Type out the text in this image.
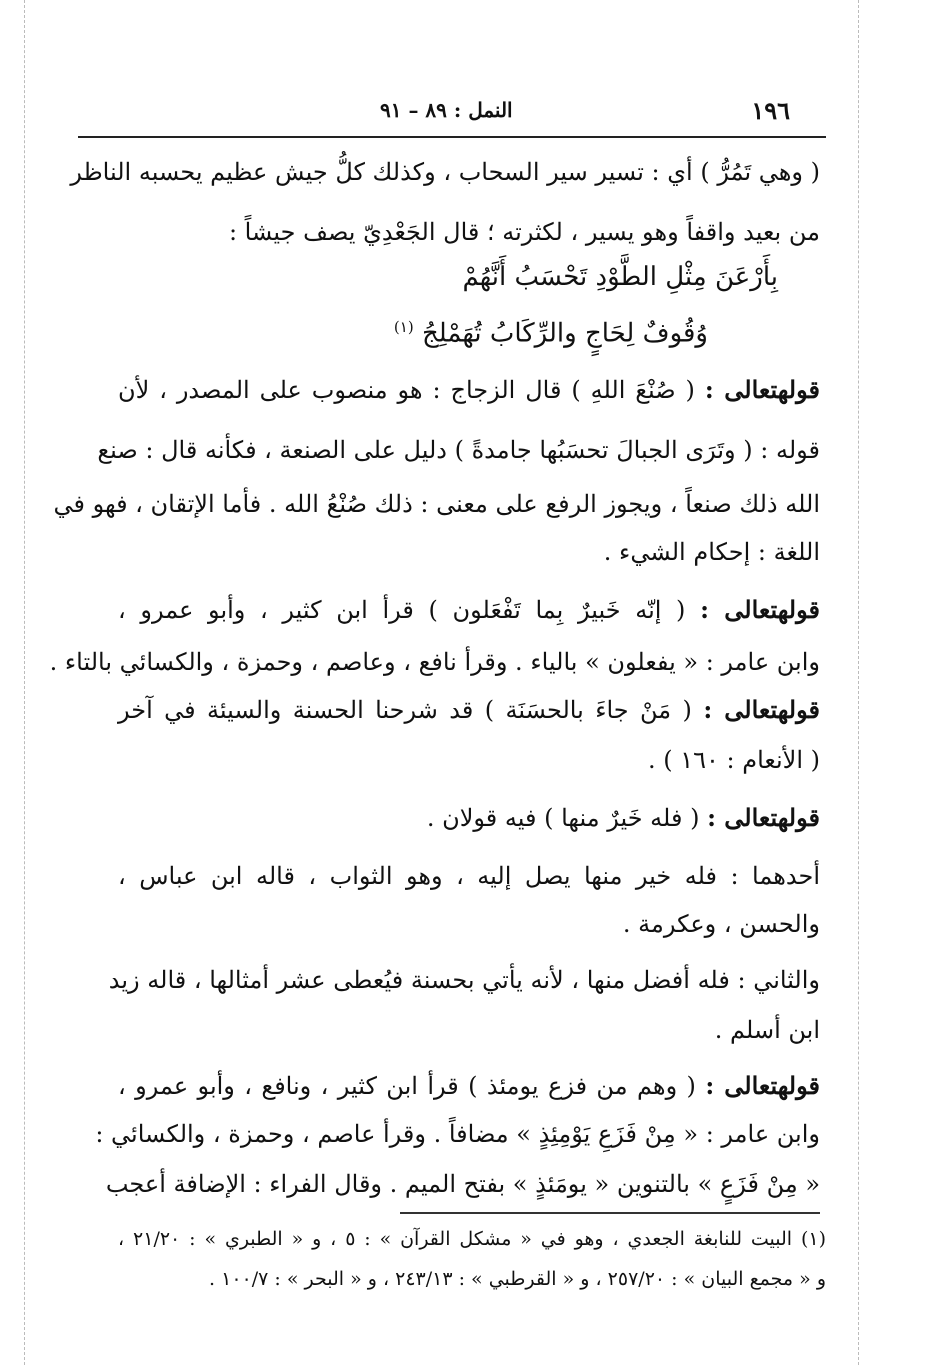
١٩٦
النمل : ٨٩ – ٩١
( وهي تَمُرُّ ) أي : تسير سير السحاب ، وكذلك كلُّ جيش عظيم يحسبه الناظر
من بعيد واقفاً وهو يسير ، لكثرته ؛ قال الجَعْدِيّ يصف جيشاً :
بِأَرْعَنَ مِثْلِ الطَّوْدِ تَحْسَبُ أَنَّهُمْ
وُقُوفٌ لِحَاجٍ والرِّكَابُ تُهَمْلِجُ $^{(١)}$
قولهتعالى : ( صُنْعَ اللهِ ) قال الزجاج : هو منصوب على المصدر ، لأن
قوله : ( وتَرَى الجبالَ تحسَبُها جامدةً ) دليل على الصنعة ، فكأنه قال : صنع
الله ذلك صنعاً ، ويجوز الرفع على معنى : ذلك صُنْعُ الله . فأما الإتقان ، فهو في
اللغة : إحكام الشيء .
قولهتعالى : ( إنّه خَبيرٌ بِما تَفْعَلون ) قرأ ابن كثير ، وأبو عمرو ،
وابن عامر : « يفعلون » بالياء . وقرأ نافع ، وعاصم ، وحمزة ، والكسائي بالتاء .
قولهتعالى : ( مَنْ جاءَ بالحسَنَة ) قد شرحنا الحسنة والسيئة في آخر
( الأنعام : ١٦٠ ) .
قولهتعالى : ( فله خَيرٌ منها ) فيه قولان .
أحدهما : فله خير منها يصل إليه ، وهو الثواب ، قاله ابن عباس ،
والحسن ، وعكرمة .
والثاني : فله أفضل منها ، لأنه يأتي بحسنة فيُعطى عشر أمثالها ، قاله زيد
ابن أسلم .
قولهتعالى : ( وهم من فزع يومئذ ) قرأ ابن كثير ، ونافع ، وأبو عمرو ،
وابن عامر : « مِنْ فَزَعِ يَوْمِئِذٍ » مضافاً . وقرأ عاصم ، وحمزة ، والكسائي :
« مِنْ فَزَعٍ » بالتنوين « يومَئذٍ » بفتح الميم . وقال الفراء : الإضافة أعجب
(١) البيت للنابغة الجعدي ، وهو في « مشكل القرآن » : ٥ ، و « الطبري » : ٢١/٢٠ ،
و « مجمع البيان » : ٢٥٧/٢٠ ، و « القرطبي » : ٢٤٣/١٣ ، و « البحر » : ١٠٠/٧ .
